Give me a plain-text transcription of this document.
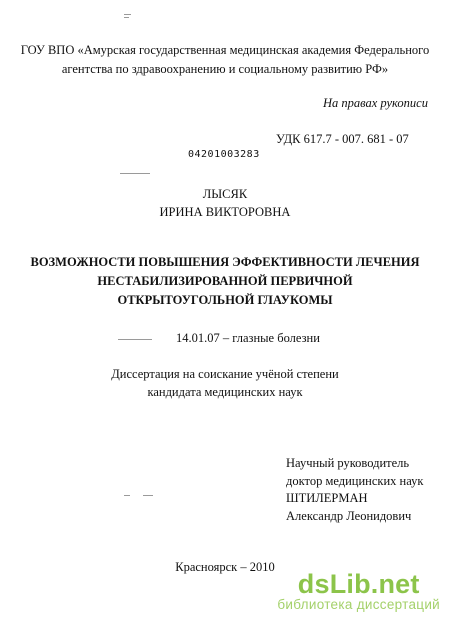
ГОУ ВПО «Амурская государственная медицинская академия Федерального
агентства по здравоохранению и социальному развитию РФ»
На правах рукописи
УДК 617.7 - 007. 681 - 07
04201003283
ЛЫСЯК
ИРИНА ВИКТОРОВНА
ВОЗМОЖНОСТИ ПОВЫШЕНИЯ ЭФФЕКТИВНОСТИ ЛЕЧЕНИЯ
НЕСТАБИЛИЗИРОВАННОЙ ПЕРВИЧНОЙ
ОТКРЫТОУГОЛЬНОЙ ГЛАУКОМЫ
14.01.07 – глазные болезни
Диссертация на соискание учёной степени
кандидата медицинских наук
Научный руководитель
доктор медицинских наук
ШТИЛЕРМАН
Александр Леонидович
Красноярск – 2010
dsLib.net
библиотека диссертаций
